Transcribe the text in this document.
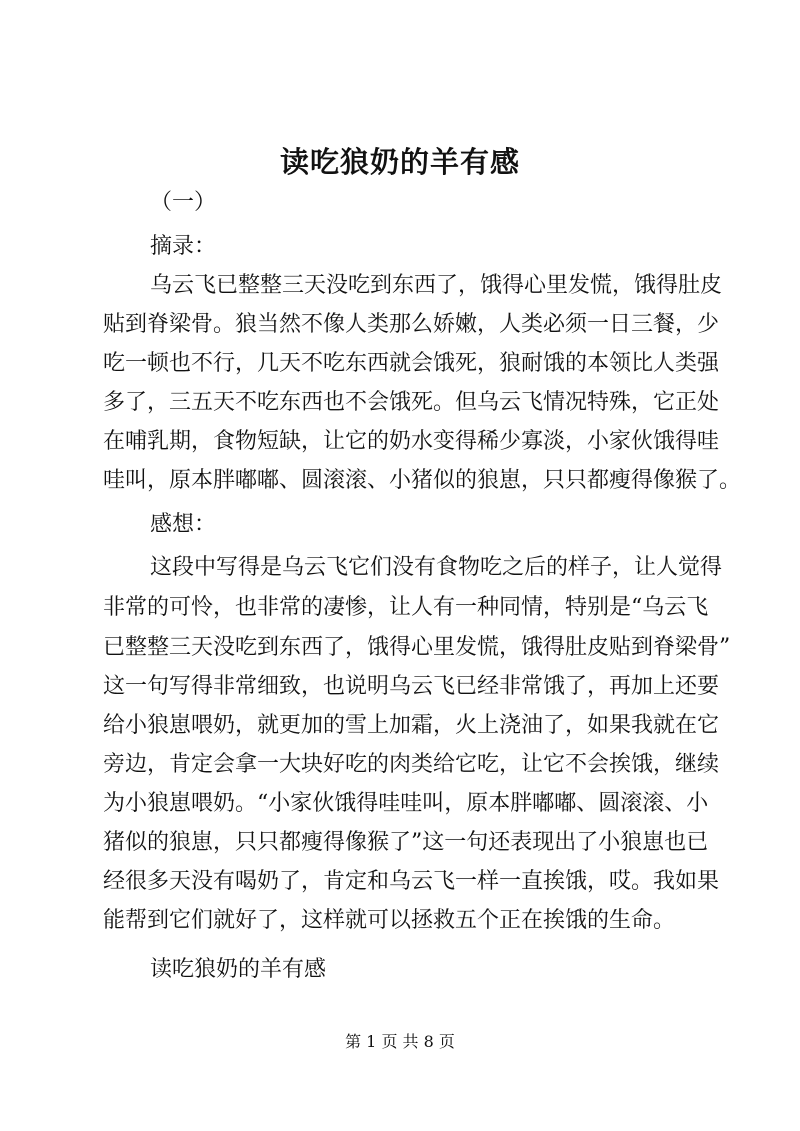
读吃狼奶的羊有感
（一）
摘录：
乌云飞已整整三天没吃到东西了，饿得心里发慌，饿得肚皮
贴到脊梁骨。狼当然不像人类那么娇嫩，人类必须一日三餐，少
吃一顿也不行，几天不吃东西就会饿死，狼耐饿的本领比人类强
多了，三五天不吃东西也不会饿死。但乌云飞情况特殊，它正处
在哺乳期，食物短缺，让它的奶水变得稀少寡淡，小家伙饿得哇
哇叫，原本胖嘟嘟、圆滚滚、小猪似的狼崽，只只都瘦得像猴了。
感想：
这段中写得是乌云飞它们没有食物吃之后的样子，让人觉得
非常的可怜，也非常的凄惨，让人有一种同情，特别是“乌云飞
已整整三天没吃到东西了，饿得心里发慌，饿得肚皮贴到脊梁骨”
这一句写得非常细致，也说明乌云飞已经非常饿了，再加上还要
给小狼崽喂奶，就更加的雪上加霜，火上浇油了，如果我就在它
旁边，肯定会拿一大块好吃的肉类给它吃，让它不会挨饿，继续
为小狼崽喂奶。“小家伙饿得哇哇叫，原本胖嘟嘟、圆滚滚、小
猪似的狼崽，只只都瘦得像猴了”这一句还表现出了小狼崽也已
经很多天没有喝奶了，肯定和乌云飞一样一直挨饿，哎。我如果
能帮到它们就好了，这样就可以拯救五个正在挨饿的生命。
读吃狼奶的羊有感
第 1 页 共 8 页
